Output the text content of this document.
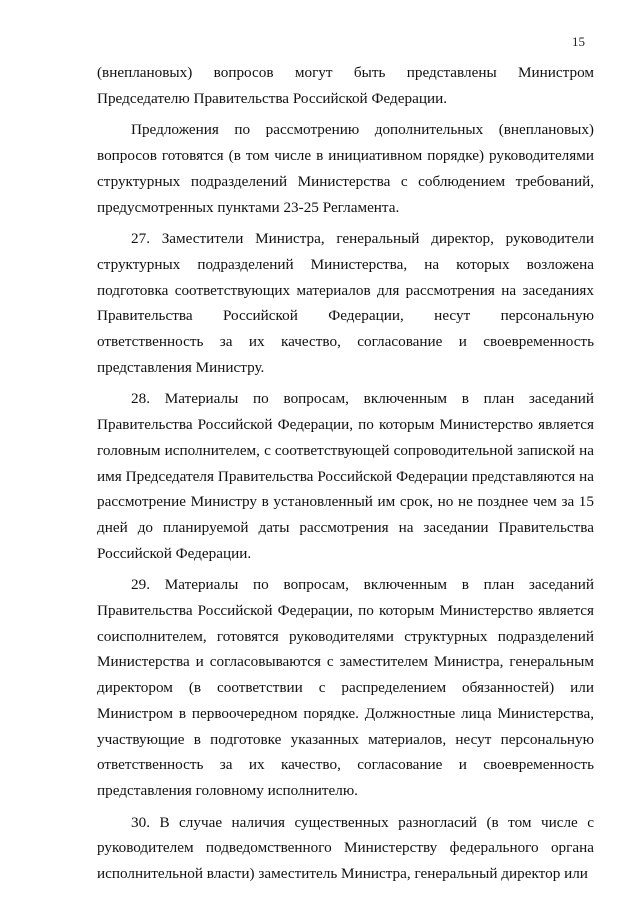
15

(внеплановых) вопросов могут быть представлены Министром Председателю Правительства Российской Федерации.

Предложения по рассмотрению дополнительных (внеплановых) вопросов готовятся (в том числе в инициативном порядке) руководителями структурных подразделений Министерства с соблюдением требований, предусмотренных пунктами 23-25 Регламента.

27. Заместители Министра, генеральный директор, руководители структурных подразделений Министерства, на которых возложена подготовка соответствующих материалов для рассмотрения на заседаниях Правительства Российской Федерации, несут персональную ответственность за их качество, согласование и своевременность представления Министру.

28. Материалы по вопросам, включенным в план заседаний Правительства Российской Федерации, по которым Министерство является головным исполнителем, с соответствующей сопроводительной запиской на имя Председателя Правительства Российской Федерации представляются на рассмотрение Министру в установленный им срок, но не позднее чем за 15 дней до планируемой даты рассмотрения на заседании Правительства Российской Федерации.

29. Материалы по вопросам, включенным в план заседаний Правительства Российской Федерации, по которым Министерство является соисполнителем, готовятся руководителями структурных подразделений Министерства и согласовываются с заместителем Министра, генеральным директором (в соответствии с распределением обязанностей) или Министром в первоочередном порядке. Должностные лица Министерства, участвующие в подготовке указанных материалов, несут персональную ответственность за их качество, согласование и своевременность представления головному исполнителю.

30. В случае наличия существенных разногласий (в том числе с руководителем подведомственного Министерству федерального органа исполнительной власти) заместитель Министра, генеральный директор или
